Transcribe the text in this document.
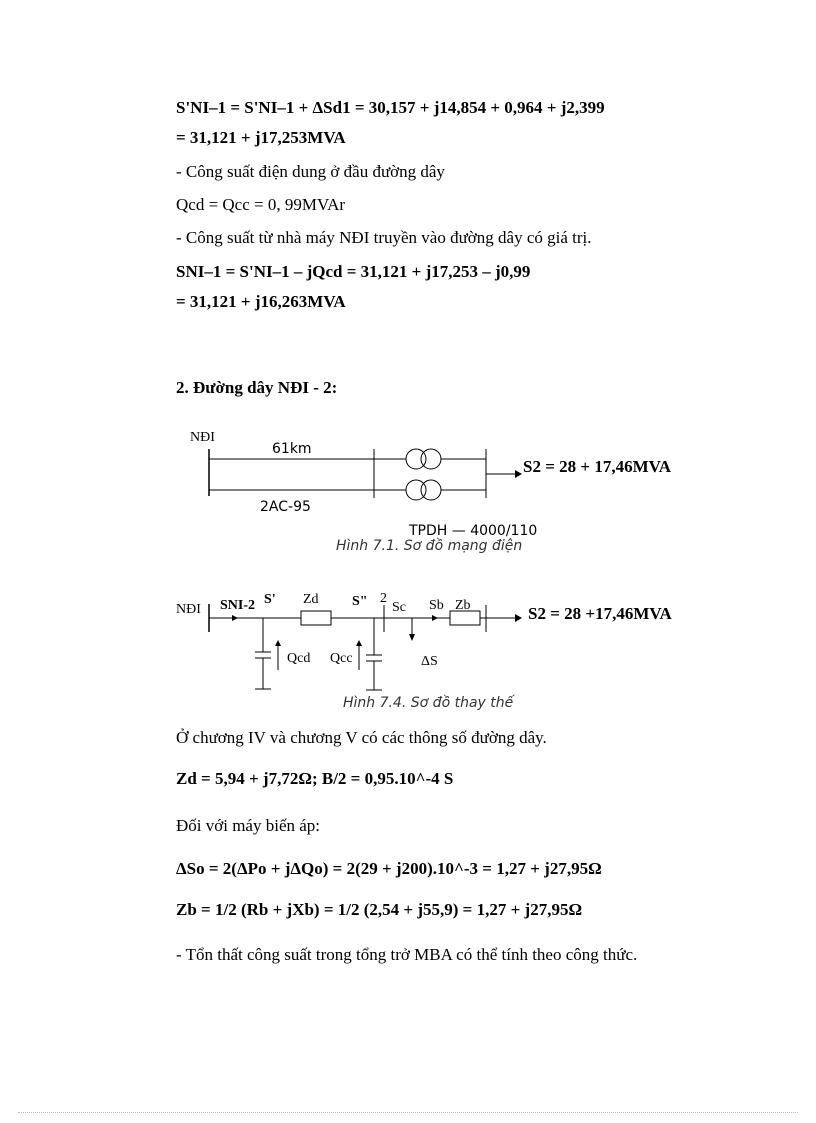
S'NI–1 = S'NI–1 + ΔSd1 = 30,157 + j14,854 + 0,964 + j2,399
= 31,121 + j17,253MVA
- Công suất điện dung ở đầu đường dây
Qcd = Qcc = 0, 99MVAr
- Công suất từ nhà máy NĐI truyền vào đường dây có giá trị.
SNI–1 = S'NI–1 – jQcd = 31,121 + j17,253 – j0,99
= 31,121 + j16,263MVA
2. Đường dây NĐI - 2:
NĐI
61km
2AC-95
TPDH — 4000/110
S2 = 28 + 17,46MVA
Hình 7.1. Sơ đồ mạng điện
NĐI SNI-2 S' Zd S" 2
Sc Sb Zb
Qcd Qcc	ΔS
S2 = 28 +17,46MVA
Hình 7.4. Sơ đồ thay thế
Ở chương IV và chương V có các thông số đường dây.
Zd = 5,94 + j7,72Ω; B/2 = 0,95.10^-4 S
Đối với máy biến áp:
ΔSo = 2(ΔPo + jΔQo) = 2(29 + j200).10^-3 = 1,27 + j27,95Ω
Zb = 1/2 (Rb + jXb) = 1/2 (2,54 + j55,9) = 1,27 + j27,95Ω
- Tổn thất công suất trong tổng trở MBA có thể tính theo công thức.
